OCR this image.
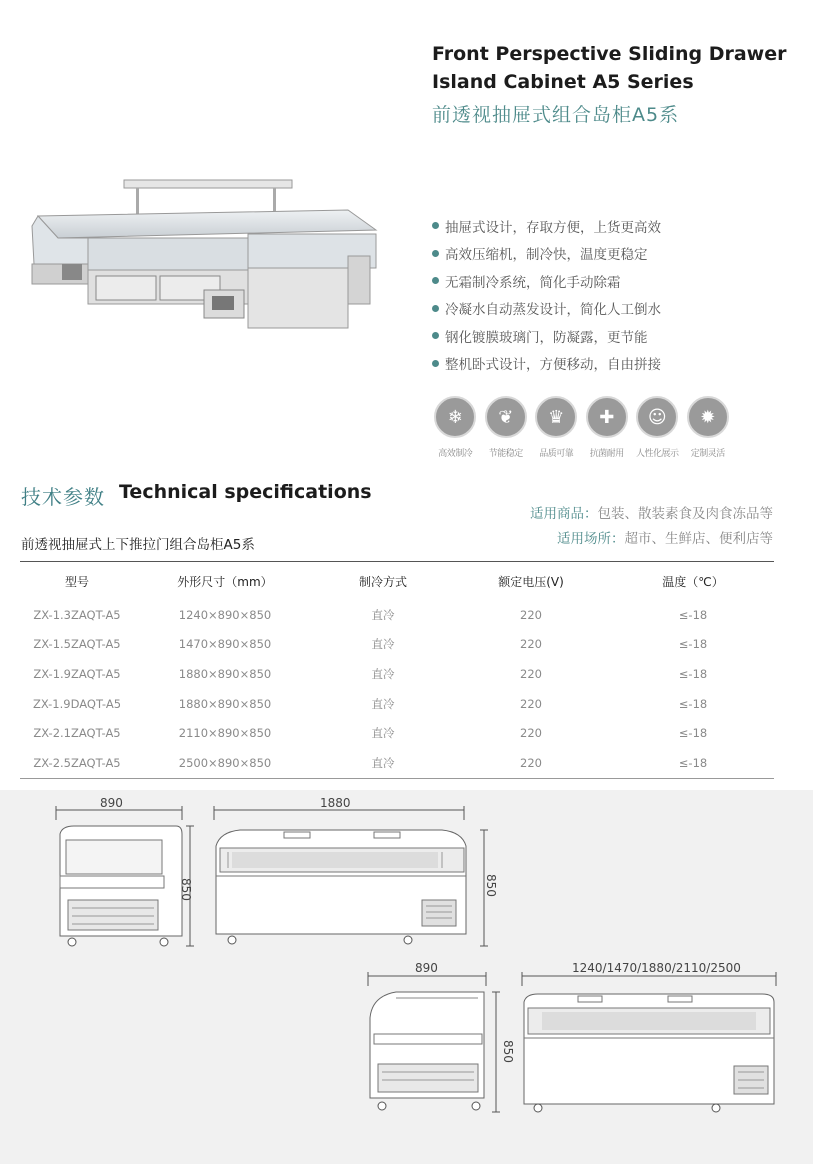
Front Perspective Sliding Drawer
Island Cabinet A5 Series
前透视抽屉式组合岛柜A5系
抽屉式设计，存取方便，上货更高效
高效压缩机，制冷快，温度更稳定
无霜制冷系统，简化手动除霜
冷凝水自动蒸发设计，简化人工倒水
钢化镀膜玻璃门，防凝露，更节能
整机卧式设计，方便移动，自由拼接
❄
高效制冷
❦
节能稳定
♛
品质可靠
✚
抗菌耐用
☺
人性化展示
✹
定制灵活
技术参数 Technical specifications
适用商品：包装、散装素食及肉食冻品等
适用场所：超市、生鲜店、便利店等
前透视抽屉式上下推拉门组合岛柜A5系
型号	外形尺寸（mm）	制冷方式	额定电压(V)	温度（℃）
ZX-1.3ZAQT-A5	1240×890×850	直冷	220	≤-18
ZX-1.5ZAQT-A5	1470×890×850	直冷	220	≤-18
ZX-1.9ZAQT-A5	1880×890×850	直冷	220	≤-18
ZX-1.9DAQT-A5	1880×890×850	直冷	220	≤-18
ZX-2.1ZAQT-A5	2110×890×850	直冷	220	≤-18
ZX-2.5ZAQT-A5	2500×890×850	直冷	220	≤-18
890
850
1880
850
890
850
1240/1470/1880/2110/2500
